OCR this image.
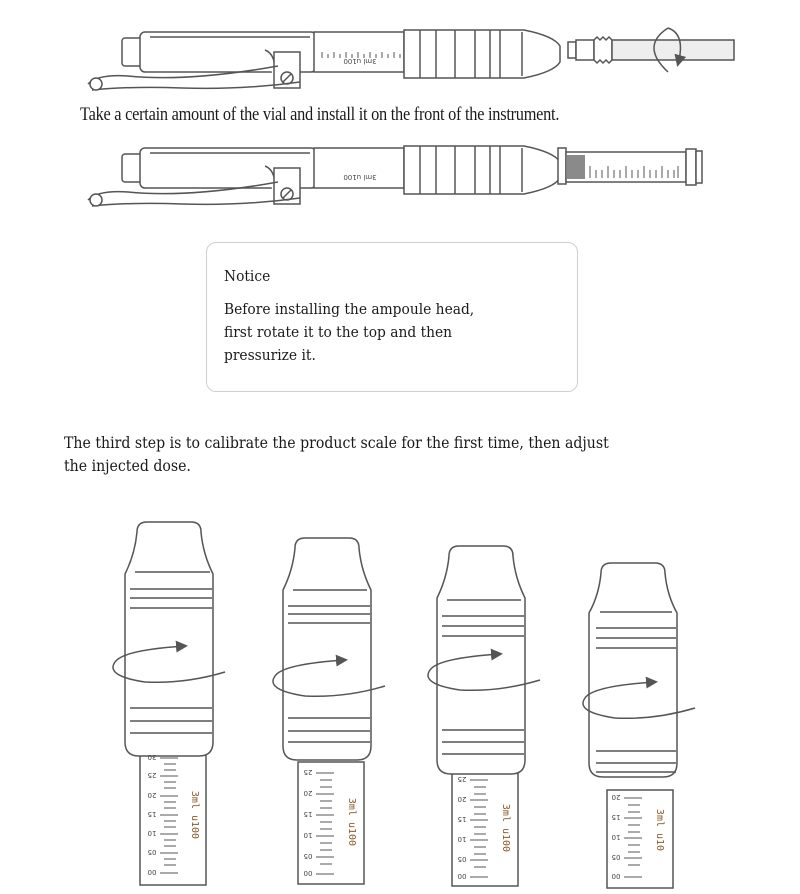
3ml u100
3ml u100
3ml u100	3ml u100	3ml u100	3ml u10
00
05
10
15
20
25
30
00
05
10
15
20
25
00
05
10
15
20
25
00
05
10
15
20
Take a certain amount of the vial and install it on the front of the instrument.
Notice
Before installing the ampoule head,
first rotate it to the top and then
pressurize it.
The third step is to calibrate the product scale for the first time, then adjust
the injected dose.
